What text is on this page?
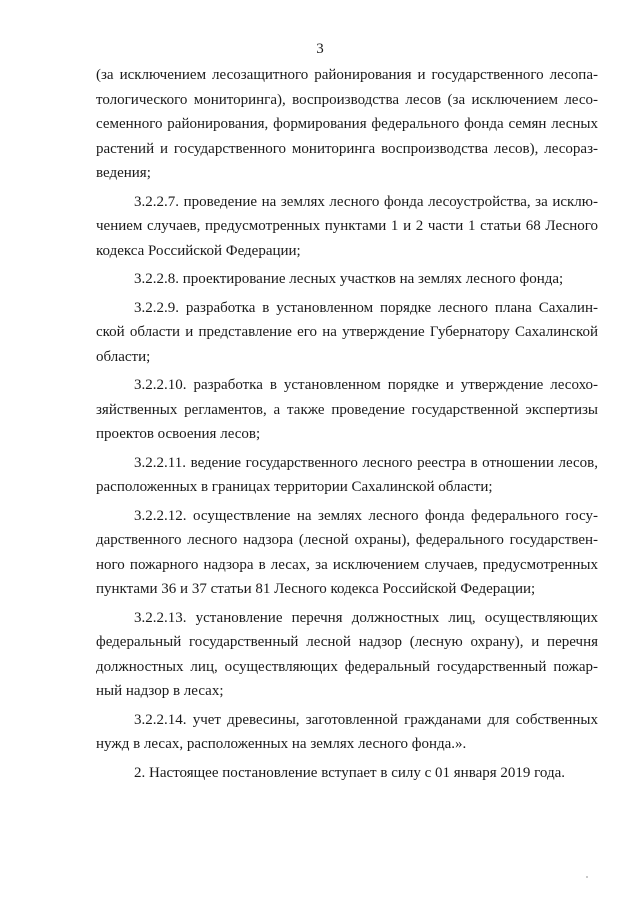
3
(за исключением лесозащитного районирования и государственного лесопа-
тологического мониторинга), воспроизводства лесов (за исключением лесо-
семенного районирования, формирования федерального фонда семян лесных
растений и государственного мониторинга воспроизводства лесов), лесораз-
ведения;
3.2.2.7. проведение на землях лесного фонда лесоустройства, за исклю-
чением случаев, предусмотренных пунктами 1 и 2 части 1 статьи 68 Лесного
кодекса Российской Федерации;
3.2.2.8. проектирование лесных участков на землях лесного фонда;
3.2.2.9. разработка в установленном порядке лесного плана Сахалин-
ской области и представление его на утверждение Губернатору Сахалинской
области;
3.2.2.10. разработка в установленном порядке и утверждение лесохо-
зяйственных регламентов, а также проведение государственной экспертизы
проектов освоения лесов;
3.2.2.11. ведение государственного лесного реестра в отношении лесов,
расположенных в границах территории Сахалинской области;
3.2.2.12. осуществление на землях лесного фонда федерального госу-
дарственного лесного надзора (лесной охраны), федерального государствен-
ного пожарного надзора в лесах, за исключением случаев, предусмотренных
пунктами 36 и 37 статьи 81 Лесного кодекса Российской Федерации;
3.2.2.13. установление перечня должностных лиц, осуществляющих
федеральный государственный лесной надзор (лесную охрану), и перечня
должностных лиц, осуществляющих федеральный государственный пожар-
ный надзор в лесах;
3.2.2.14. учет древесины, заготовленной гражданами для собственных
нужд в лесах, расположенных на землях лесного фонда.».
2. Настоящее постановление вступает в силу с 01 января 2019 года.
